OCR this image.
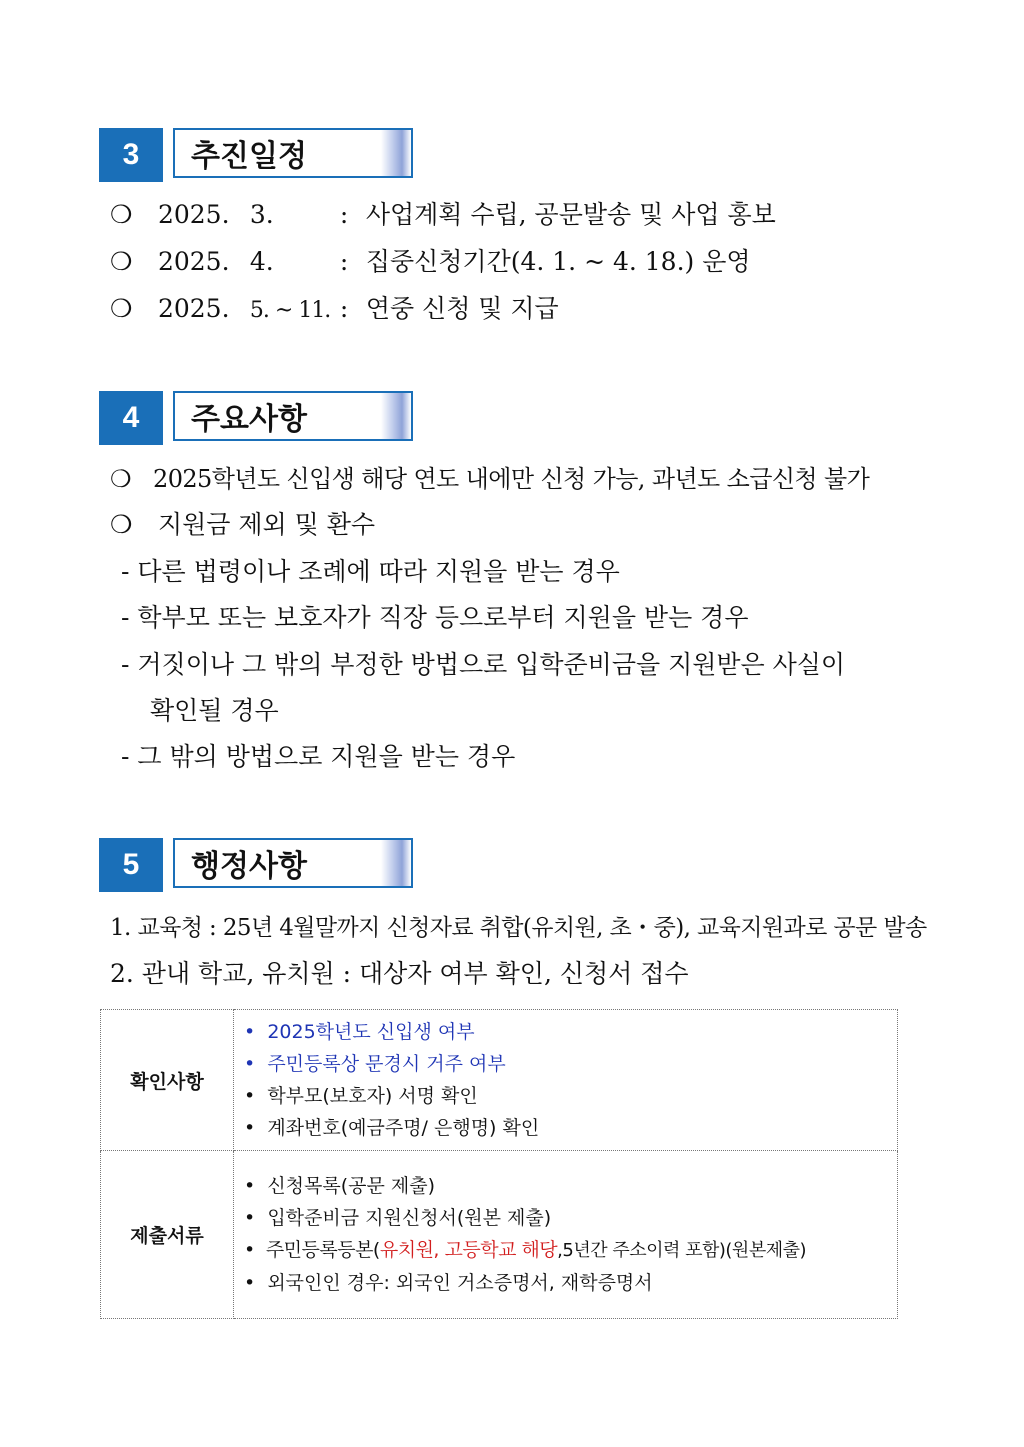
3	추진일정
❍ 2025. 3.	: 사업계획 수립, 공문발송 및 사업 홍보
❍ 2025. 4.	: 집중신청기간(4. 1. ~ 4. 18.) 운영
❍ 2025. 5. ~ 11. : 연중 신청 및 지급
4	주요사항
❍ 2025학년도 신입생 해당 연도 내에만 신청 가능, 과년도 소급신청 불가
❍ 지원금 제외 및 환수
- 다른 법령이나 조례에 따라 지원을 받는 경우
- 학부모 또는 보호자가 직장 등으로부터 지원을 받는 경우
- 거짓이나 그 밖의 부정한 방법으로 입학준비금을 지원받은 사실이
확인될 경우
- 그 밖의 방법으로 지원을 받는 경우
5	행정사항
1. 교육청 : 25년 4월말까지 신청자료 취합(유치원, 초・중), 교육지원과로 공문 발송
2. 관내 학교, 유치원 : 대상자 여부 확인, 신청서 접수
확인사항	• 2025학년도 신입생 여부
• 주민등록상 문경시 거주 여부
• 학부모(보호자) 서명 확인
• 계좌번호(예금주명/ 은행명) 확인

제출서류	• 신청목록(공문 제출)
• 입학준비금 지원신청서(원본 제출)
• 주민등록등본(유치원, 고등학교 해당,5년간 주소이력 포함)(원본제출)
• 외국인인 경우: 외국인 거소증명서, 재학증명서
